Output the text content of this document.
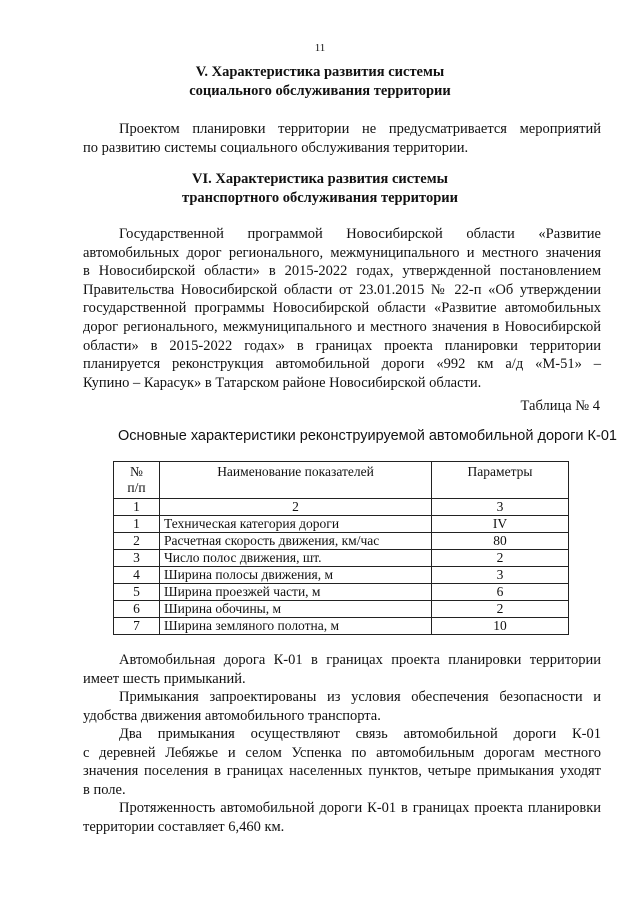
11
V. Характеристика развития системы
социального обслуживания территории
Проектом планировки территории не предусматривается мероприятий
по развитию системы социального обслуживания территории.
VI. Характеристика развития системы
транспортного обслуживания территории
Государственной программой Новосибирской области «Развитие
автомобильных дорог регионального, межмуниципального и местного значения
в Новосибирской области» в 2015-2022 годах, утвержденной постановлением
Правительства Новосибирской области от 23.01.2015 № 22-п «Об утверждении
государственной программы Новосибирской области «Развитие автомобильных
дорог регионального, межмуниципального и местного значения в Новосибирской
области» в 2015-2022 годах» в границах проекта планировки территории
планируется реконструкция автомобильной дороги «992 км а/д «М-51» –
Купино – Карасук» в Татарском районе Новосибирской области.
Таблица № 4
Основные характеристики реконструируемой автомобильной дороги К-01
№
п/п	Наименование показателей	Параметры
1	2	3
1	Техническая категория дороги	IV
2	Расчетная скорость движения, км/час	80
3	Число полос движения, шт.	2
4	Ширина полосы движения, м	3
5	Ширина проезжей части, м	6
6	Ширина обочины, м	2
7	Ширина земляного полотна, м	10
Автомобильная дорога К-01 в границах проекта планировки территории
имеет шесть примыканий.
Примыкания запроектированы из условия обеспечения безопасности и
удобства движения автомобильного транспорта.
Два примыкания осуществляют связь автомобильной дороги К-01
с деревней Лебяжье и селом Успенка по автомобильным дорогам местного
значения поселения в границах населенных пунктов, четыре примыкания уходят
в поле.
Протяженность автомобильной дороги К-01 в границах проекта планировки
территории составляет 6,460 км.
